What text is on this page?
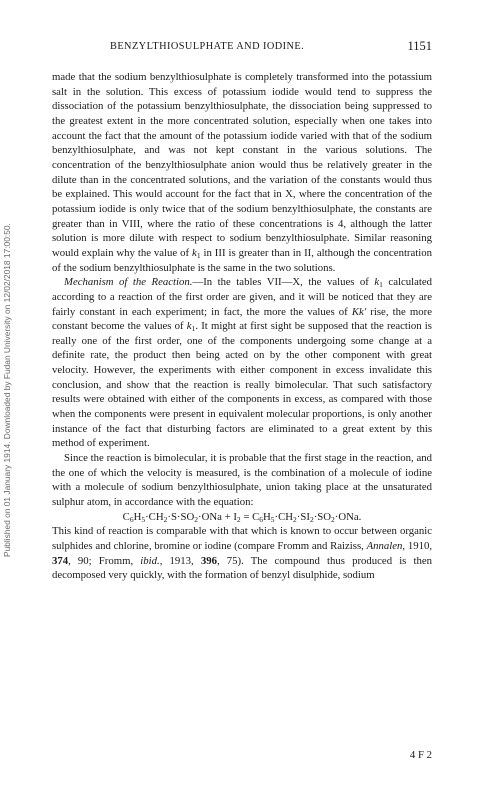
Published on 01 January 1914. Downloaded by Fudan University on 12/02/2018 17:00:50.
BENZYLTHIOSULPHATE AND IODINE.	1151

made that the sodium benzylthiosulphate is completely transformed into the potassium salt in the solution. This excess of potassium iodide would tend to suppress the dissociation of the potassium benzylthiosulphate, the dissociation being suppressed to the greatest extent in the more concentrated solution, especially when one takes into account the fact that the amount of the potassium iodide varied with that of the sodium benzylthiosulphate, and was not kept constant in the various solutions. The concentration of the benzylthiosulphate anion would thus be relatively greater in the dilute than in the concentrated solutions, and the variation of the constants would thus be explained. This would account for the fact that in X, where the concentration of the potassium iodide is only twice that of the sodium benzylthiosulphate, the constants are greater than in VIII, where the ratio of these concentrations is 4, although the latter solution is more dilute with respect to sodium benzylthiosulphate. Similar reasoning would explain why the value of $k_1$ in III is greater than in II, although the concentration of the sodium benzylthiosulphate is the same in the two solutions.

Mechanism of the Reaction.—In the tables VII—X, the values of $k_1$ calculated according to a reaction of the first order are given, and it will be noticed that they are fairly constant in each experiment; in fact, the more the values of Kk′ rise, the more constant become the values of $k_1$. It might at first sight be supposed that the reaction is really one of the first order, one of the components undergoing some change at a definite rate, the product then being acted on by the other component with great velocity. However, the experiments with either component in excess invalidate this conclusion, and show that the reaction is really bimolecular. That such satisfactory results were obtained with either of the components in excess, as compared with those when the components were present in equivalent molecular proportions, is only another instance of the fact that disturbing factors are eliminated to a great extent by this method of experiment.

Since the reaction is bimolecular, it is probable that the first stage in the reaction, and the one of which the velocity is measured, is the combination of a molecule of iodine with a molecule of sodium benzylthiosulphate, union taking place at the unsaturated sulphur atom, in accordance with the equation:

$C_6H_5\cdot CH_2\cdot S\cdot SO_2\cdot ONa + I_2 = C_6H_5\cdot CH_2\cdot SI_2\cdot SO_2\cdot ONa$.

This kind of reaction is comparable with that which is known to occur between organic sulphides and chlorine, bromine or iodine (compare Fromm and Raiziss, Annalen, 1910, 374, 90; Fromm, ibid., 1913, 396, 75). The compound thus produced is then decomposed very quickly, with the formation of benzyl disulphide, sodium

4 F 2
